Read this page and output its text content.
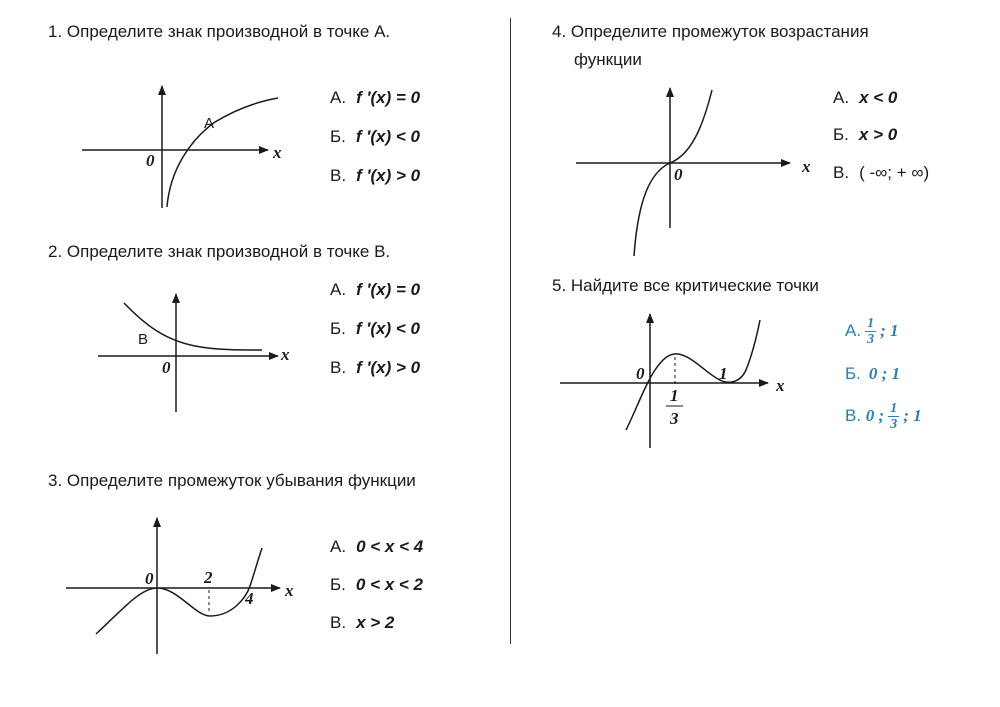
1. Определите знак производной в точке А.
А. f ′(x) = 0
Б. f ′(x) < 0
В. f ′(x) > 0
2. Определите знак производной в точке В.
А. f ′(x) = 0
Б. f ′(x) < 0
В. f ′(x) > 0
3. Определите промежуток убывания функции
А. 0 < x < 4
Б. 0 < x < 2
В. x > 2
4. Определите промежуток возрастания
функции
А. x < 0
Б. x > 0
В. ( -∞; + ∞)
5. Найдите все критические точки
А. $\frac{1}{3}$ ; 1
Б. 0 ; 1
В. 0 ; $\frac{1}{3}$ ; 1
0	x
A
0
x
B
0	2
4 x
0	x
0	1
1
3
x
